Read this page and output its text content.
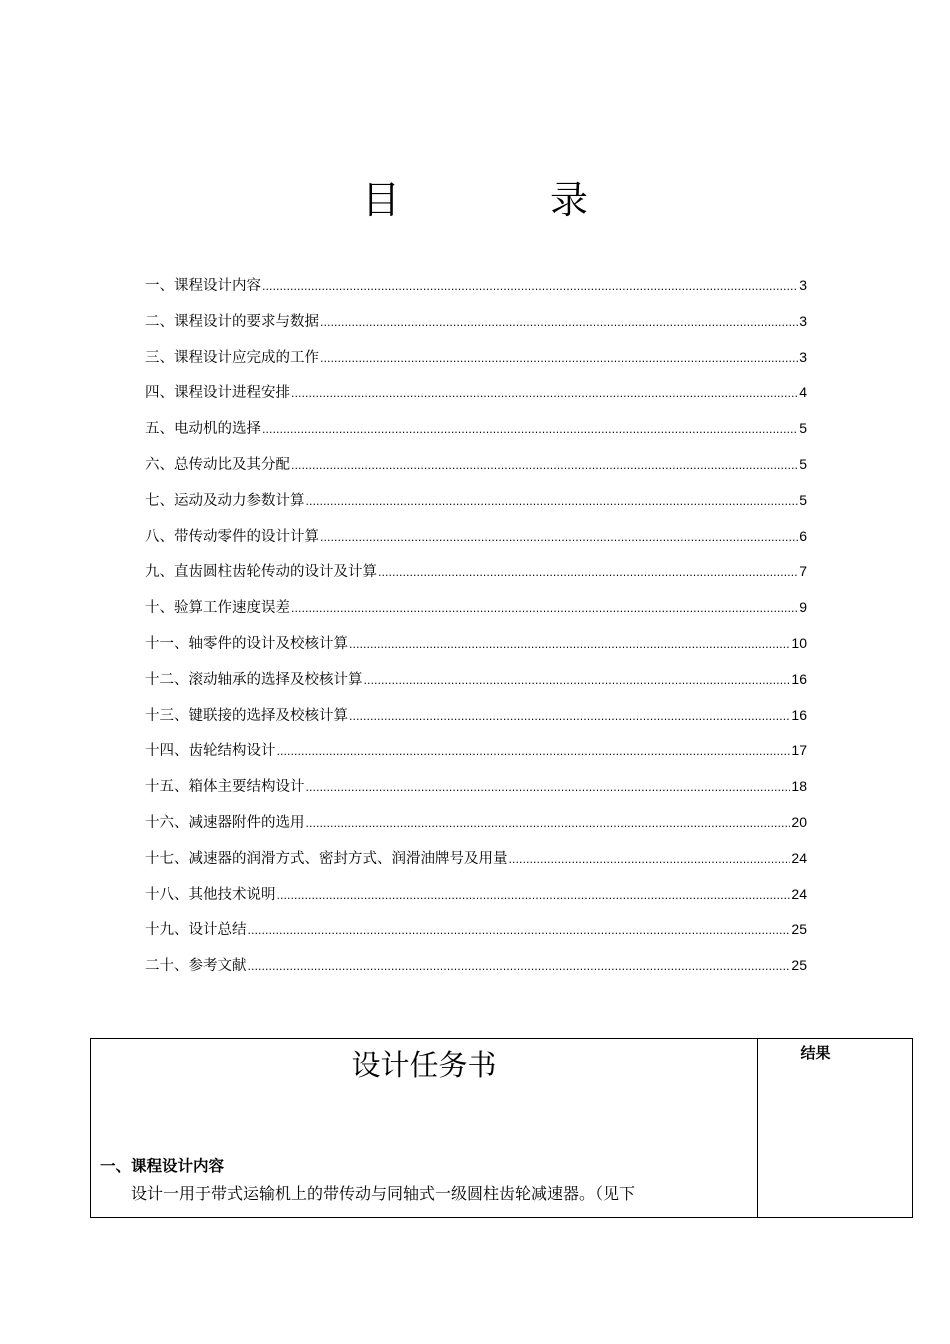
目	录
一、课程设计内容 .....	3
二、课程设计的要求与数据 .....	3
三、课程设计应完成的工作 .....	3
四、课程设计进程安排 .....	4
五、电动机的选择 .....	5
六、总传动比及其分配 .....	5
七、运动及动力参数计算 .....	5
八、带传动零件的设计计算 .....	6
九、直齿圆柱齿轮传动的设计及计算 .....	7
十、验算工作速度误差 .....	9
十一、轴零件的设计及校核计算 .....	10
十二、滚动轴承的选择及校核计算 .....	16
十三、键联接的选择及校核计算 .....	16
十四、齿轮结构设计 .....	17
十五、箱体主要结构设计 .....	18
十六、减速器附件的选用 .....	20
十七、减速器的润滑方式、密封方式、润滑油牌号及用量 .....	24
十八、其他技术说明 .....	24
十九、设计总结 .....	25
二十、参考文献 .....	25
设计任务书
一、课程设计内容
设计一用于带式运输机上的带传动与同轴式一级圆柱齿轮减速器。（见下
结果
